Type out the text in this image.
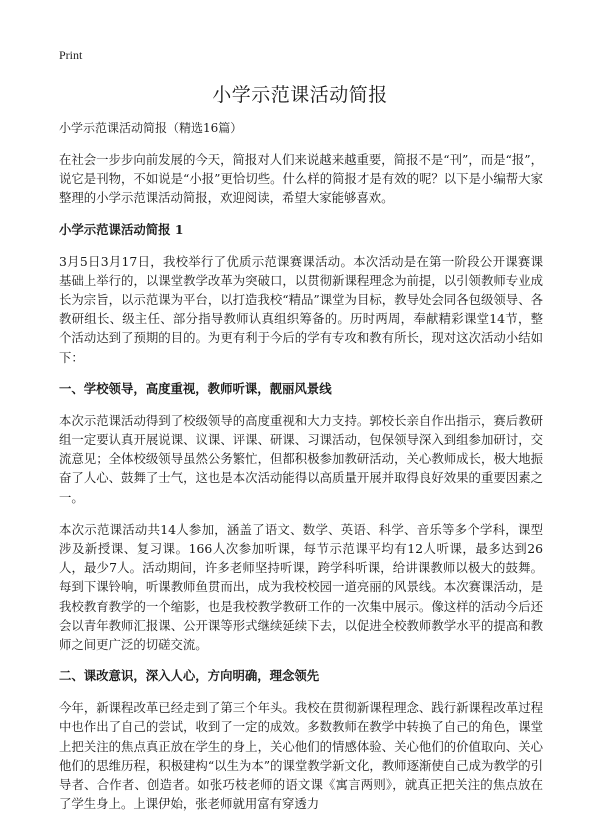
Print
小学示范课活动简报
小学示范课活动简报（精选16篇）

在社会一步步向前发展的今天，简报对人们来说越来越重要，简报不是“刊”，而是“报”，说它是刊物，不如说是“小报”更恰切些。什么样的简报才是有效的呢？以下是小编帮大家整理的小学示范课活动简报，欢迎阅读，希望大家能够喜欢。

小学示范课活动简报 1

3月5日3月17日，我校举行了优质示范课赛课活动。本次活动是在第一阶段公开课赛课基础上举行的，以课堂教学改革为突破口，以贯彻新课程理念为前提，以引领教师专业成长为宗旨，以示范课为平台，以打造我校“精品”课堂为目标，教导处会同各包级领导、各教研组长、级主任、部分指导教师认真组织筹备的。历时两周，奉献精彩课堂14节，整个活动达到了预期的目的。为更有利于今后的学有专攻和教有所长，现对这次活动小结如下：

一、学校领导，高度重视，教师听课，靓丽风景线

本次示范课活动得到了校级领导的高度重视和大力支持。郭校长亲自作出指示，赛后教研组一定要认真开展说课、议课、评课、研课、习课活动，包保领导深入到组参加研讨，交流意见；全体校级领导虽然公务繁忙，但都积极参加教研活动，关心教师成长，极大地振奋了人心、鼓舞了士气，这也是本次活动能得以高质量开展并取得良好效果的重要因素之一。

本次示范课活动共14人参加，涵盖了语文、数学、英语、科学、音乐等多个学科，课型涉及新授课、复习课。166人次参加听课，每节示范课平均有12人听课，最多达到26人，最少7人。活动期间，许多老师坚持听课，跨学科听课，给讲课教师以极大的鼓舞。每到下课铃响，听课教师鱼贯而出，成为我校校园一道亮丽的风景线。本次赛课活动，是我校教育教学的一个缩影，也是我校教学教研工作的一次集中展示。像这样的活动今后还会以青年教师汇报课、公开课等形式继续延续下去，以促进全校教师教学水平的提高和教师之间更广泛的切磋交流。

二、课改意识，深入人心，方向明确，理念领先

今年，新课程改革已经走到了第三个年头。我校在贯彻新课程理念、践行新课程改革过程中也作出了自己的尝试，收到了一定的成效。多数教师在教学中转换了自己的角色，课堂上把关注的焦点真正放在学生的身上，关心他们的情感体验、关心他们的价值取向、关心他们的思维历程，积极建构“以生为本”的课堂教学新文化，教师逐渐使自己成为教学的引导者、合作者、创造者。如张巧枝老师的语文课《寓言两则》，就真正把关注的焦点放在了学生身上。上课伊始，张老师就用富有穿透力
